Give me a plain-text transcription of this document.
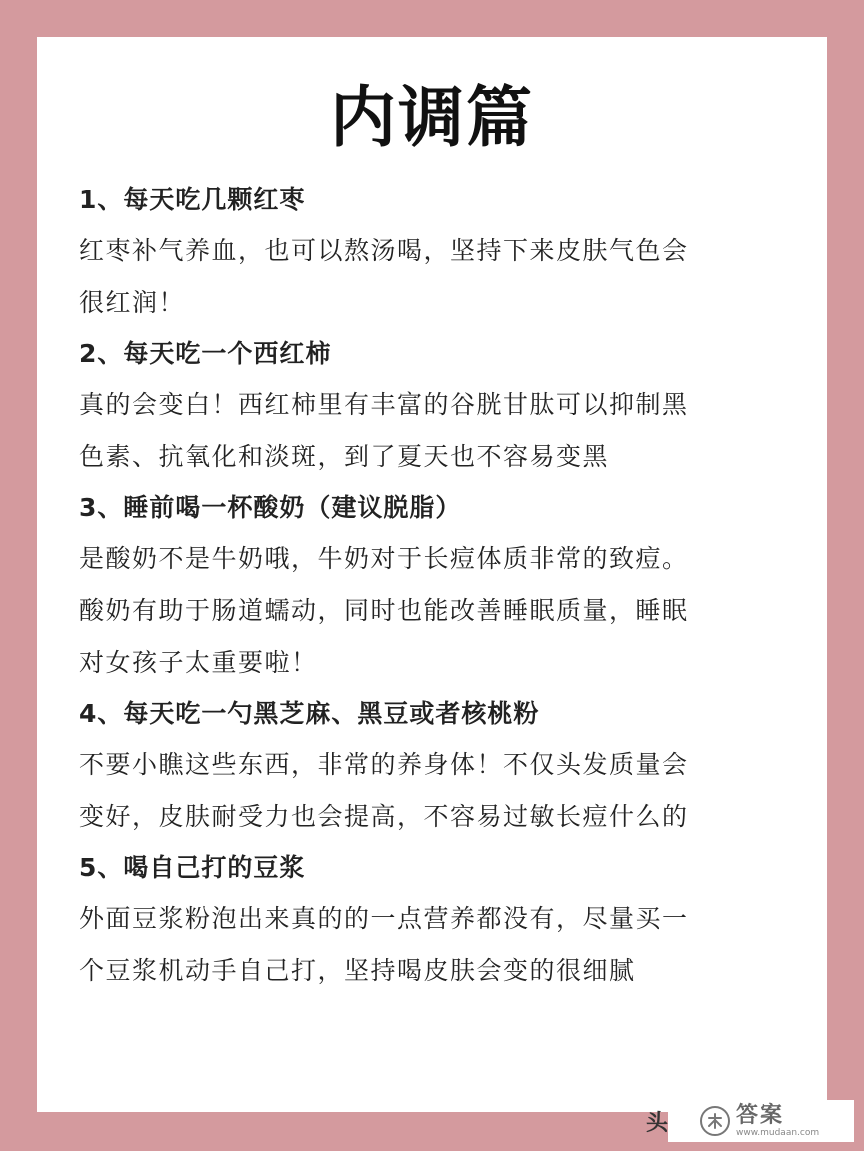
内调篇

1、每天吃几颗红枣

红枣补气养血，也可以熬汤喝，坚持下来皮肤气色会
很红润！

2、每天吃一个西红柿

真的会变白！西红柿里有丰富的谷胱甘肽可以抑制黑
色素、抗氧化和淡斑，到了夏天也不容易变黑

3、睡前喝一杯酸奶（建议脱脂）

是酸奶不是牛奶哦，牛奶对于长痘体质非常的致痘。
酸奶有助于肠道蠕动，同时也能改善睡眠质量，睡眠
对女孩子太重要啦！

4、每天吃一勺黑芝麻、黑豆或者核桃粉

不要小瞧这些东西，非常的养身体！不仅头发质量会
变好，皮肤耐受力也会提高，不容易过敏长痘什么的

5、喝自己打的豆浆

外面豆浆粉泡出来真的的一点营养都没有，尽量买一
个豆浆机动手自己打，坚持喝皮肤会变的很细腻

头	答案
www.mudaan.com
